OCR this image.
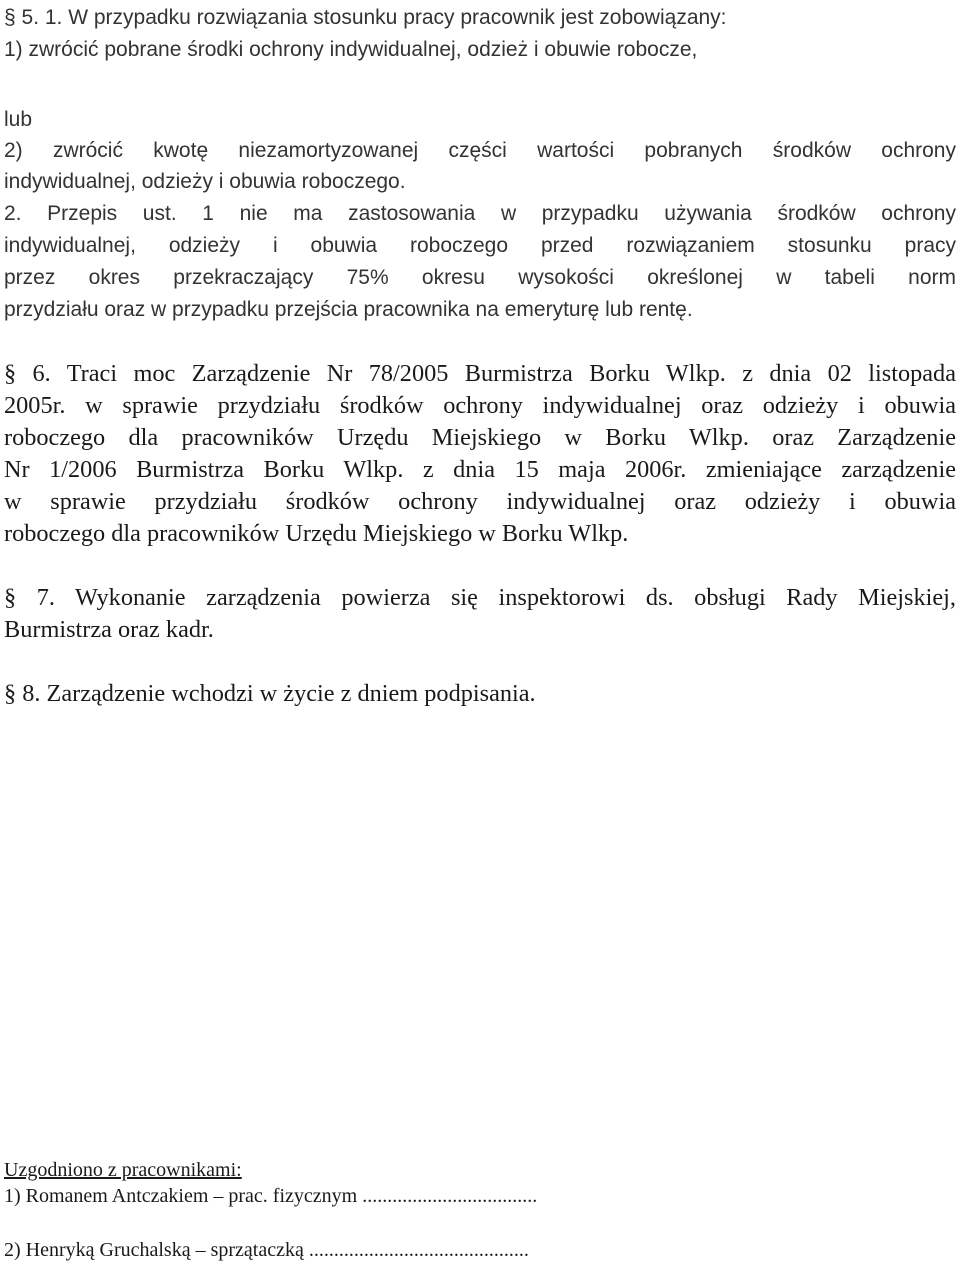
§ 5. 1. W przypadku rozwiązania stosunku pracy pracownik jest zobowiązany:
1) zwrócić pobrane środki ochrony indywidualnej, odzież i obuwie robocze,
lub
2) zwrócić kwotę niezamortyzowanej części wartości pobranych środków ochrony
indywidualnej, odzieży i obuwia roboczego.
2. Przepis ust. 1 nie ma zastosowania w przypadku używania środków ochrony
indywidualnej, odzieży i obuwia roboczego przed rozwiązaniem stosunku pracy
przez okres przekraczający 75% okresu wysokości określonej w tabeli norm
przydziału oraz w przypadku przejścia pracownika na emeryturę lub rentę.
§ 6. Traci moc Zarządzenie Nr 78/2005 Burmistrza Borku Wlkp. z dnia 02 listopada
2005r. w sprawie przydziału środków ochrony indywidualnej oraz odzieży i obuwia
roboczego dla pracowników Urzędu Miejskiego w Borku Wlkp. oraz Zarządzenie
Nr 1/2006 Burmistrza Borku Wlkp. z dnia 15 maja 2006r. zmieniające zarządzenie
w sprawie przydziału środków ochrony indywidualnej oraz odzieży i obuwia
roboczego dla pracowników Urzędu Miejskiego w Borku Wlkp.
§ 7. Wykonanie zarządzenia powierza się inspektorowi ds. obsługi Rady Miejskiej,
Burmistrza oraz kadr.
§ 8. Zarządzenie wchodzi w życie z dniem podpisania.
Uzgodniono z pracownikami:
1) Romanem Antczakiem – prac. fizycznym ...................................
2) Henryką Gruchalską – sprzątaczką ............................................
